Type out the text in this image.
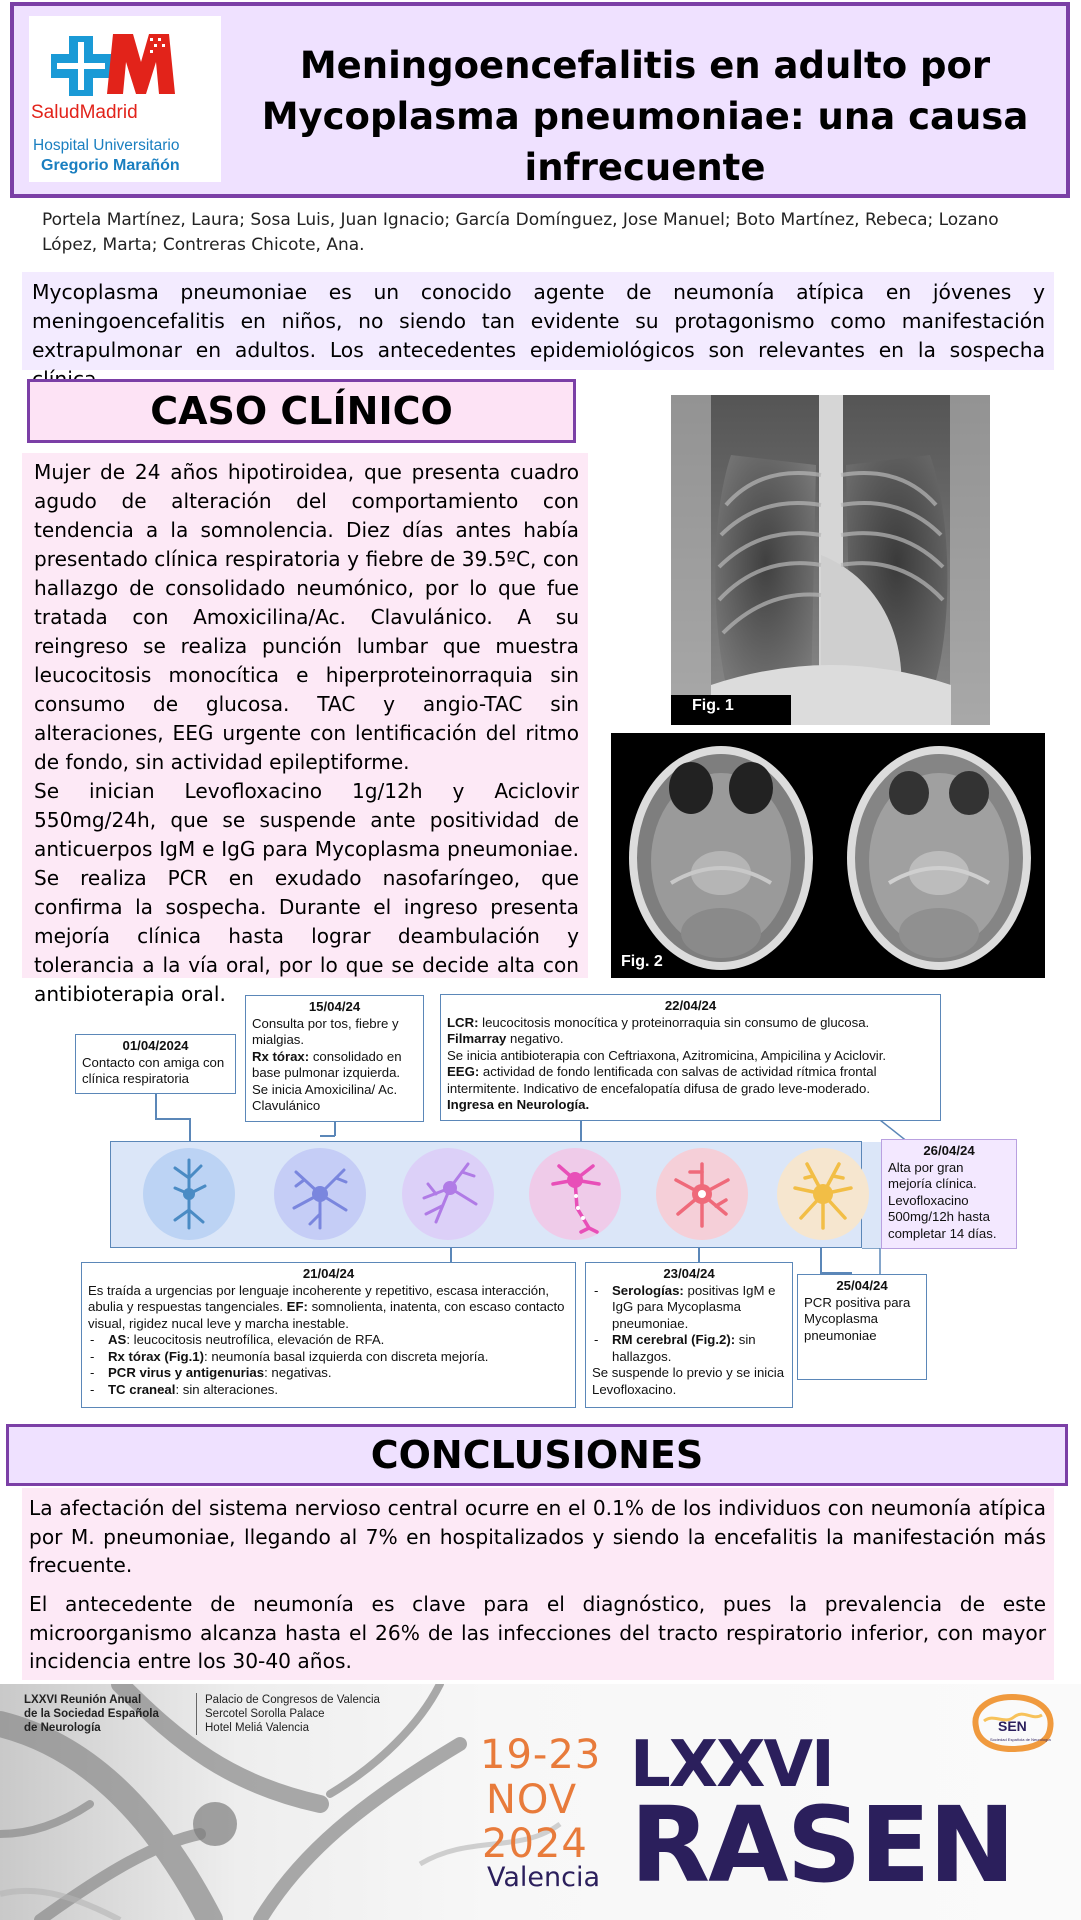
SaludMadrid
Hospital Universitario
Gregorio Marañón
Meningoencefalitis en adulto por Mycoplasma pneumoniae: una causa infrecuente
Portela Martínez, Laura; Sosa Luis, Juan Ignacio; García Domínguez, Jose Manuel; Boto Martínez, Rebeca; Lozano López, Marta; Contreras Chicote, Ana.
Mycoplasma pneumoniae es un conocido agente de neumonía atípica en jóvenes y meningoencefalitis en niños, no siendo tan evidente su protagonismo como manifestación extrapulmonar en adultos. Los antecedentes epidemiológicos son relevantes en la sospecha
CASO CLÍNICO
Mujer de 24 años hipotiroidea, que presenta cuadro agudo de alteración del comportamiento con tendencia a la somnolencia. Diez días antes había presentado clínica respiratoria y fiebre de 39.5ºC, con hallazgo de consolidado neumónico, por lo que fue tratada con Amoxicilina/Ac. Clavulánico. A su reingreso se realiza punción lumbar que muestra leucocitosis monocítica e hiperproteinorraquia sin consumo de glucosa. TAC y angio-TAC sin alteraciones, EEG urgente con lentificación del ritmo de fondo, sin actividad epileptiforme.
Se inician Levofloxacino 1g/12h y Aciclovir 550mg/24h, que se suspende ante positividad de anticuerpos IgM e IgG para Mycoplasma pneumoniae. Se realiza PCR en exudado nasofaríngeo, que confirma la sospecha. Durante el ingreso presenta mejoría clínica hasta lograr deambulación y tolerancia a la vía oral, por lo que se decide alta con antibioterapia oral.
Fig. 1
Fig. 2
01/04/2024
Contacto con amiga con clínica respiratoria
15/04/24
Consulta por tos, fiebre y mialgias.
Rx tórax: consolidado en base pulmonar izquierda.
Se inicia Amoxicilina/ Ac. Clavulánico
22/04/24
LCR: leucocitosis monocítica y proteinorraquia sin consumo de glucosa.
Filmarray negativo.
Se inicia antibioterapia con Ceftriaxona, Azitromicina, Ampicilina y Aciclovir.
EEG: actividad de fondo lentificada con salvas de actividad rítmica frontal intermitente. Indicativo de encefalopatía difusa de grado leve-moderado.
Ingresa en Neurología.
26/04/24
Alta por gran mejoría clínica. Levofloxacino 500mg/12h hasta completar 14 días.
21/04/24
Es traída a urgencias por lenguaje incoherente y repetitivo, escasa interacción, abulia y respuestas tangenciales. EF: somnolienta, inatenta, con escaso contacto visual, rigidez nucal leve y marcha inestable.
- AS: leucocitosis neutrofílica, elevación de RFA.
- Rx tórax (Fig.1): neumonía basal izquierda con discreta mejoría.
- PCR virus y antigenurias: negativas.
- TC craneal: sin alteraciones.
23/04/24
- Serologías: positivas IgM e IgG para Mycoplasma pneumoniae.
- RM cerebral (Fig.2): sin hallazgos.
Se suspende lo previo y se inicia Levofloxacino.
25/04/24
PCR positiva para Mycoplasma pneumoniae
CONCLUSIONES
La afectación del sistema nervioso central ocurre en el 0.1% de los individuos con neumonía atípica por M. pneumoniae, llegando al 7% en hospitalizados y siendo la encefalitis la manifestación más frecuente.
El antecedente de neumonía es clave para el diagnóstico, pues la prevalencia de este microorganismo alcanza hasta el 26% de las infecciones del tracto respiratorio inferior, con mayor incidencia entre los 30-40 años.
LXXVI Reunión Anual
de la Sociedad Española
de Neurología
Palacio de Congresos de Valencia
Sercotel Sorolla Palace
Hotel Meliá Valencia
19-23
NOV
2024
Valencia
LXXVI
RASEN
SEN
Sociedad Española de Neurología
